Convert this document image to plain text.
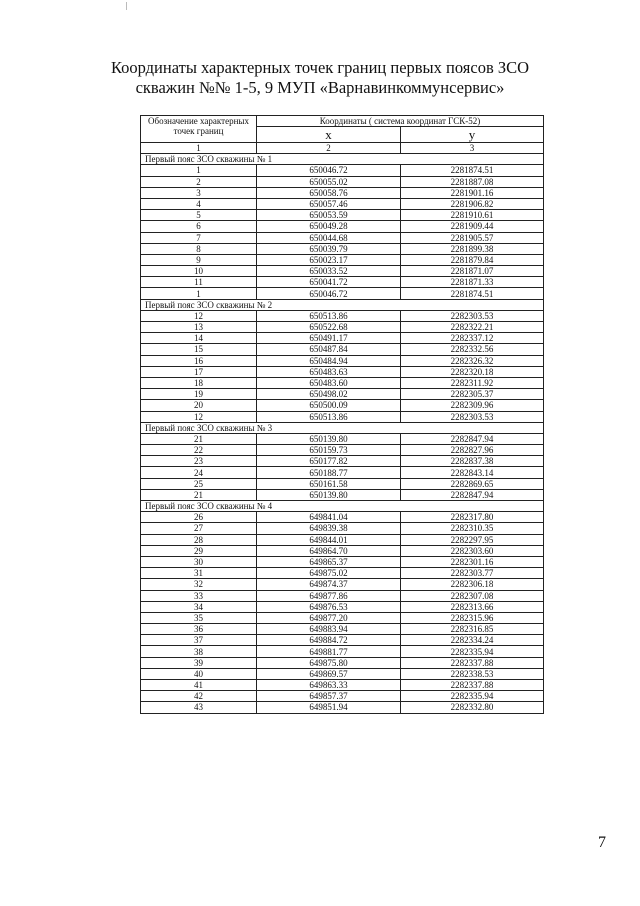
Координаты характерных точек границ первых поясов ЗСО
скважин №№ 1-5, 9 МУП «Варнавинкоммунсервис»
Обозначение характерных точек границ	Координаты ( система координат ГСК-52)	
	x	y
1	2	3
Первый пояс ЗСО скважины № 1		
1	650046.72	2281874.51
2	650055.02	2281887.08
3	650058.76	2281901.16
4	650057.46	2281906.82
5	650053.59	2281910.61
6	650049.28	2281909.44
7	650044.68	2281905.57
8	650039.79	2281899.38
9	650023.17	2281879.84
10	650033.52	2281871.07
11	650041.72	2281871.33
1	650046.72	2281874.51
Первый пояс ЗСО скважины № 2		
12	650513.86	2282303.53
13	650522.68	2282322.21
14	650491.17	2282337.12
15	650487.84	2282332.56
16	650484.94	2282326.32
17	650483.63	2282320.18
18	650483.60	2282311.92
19	650498.02	2282305.37
20	650500.09	2282309.96
12	650513.86	2282303.53
Первый пояс ЗСО скважины № 3		
21	650139.80	2282847.94
22	650159.73	2282827.96
23	650177.82	2282837.38
24	650188.77	2282843.14
25	650161.58	2282869.65
21	650139.80	2282847.94
Первый пояс ЗСО скважины № 4		
26	649841.04	2282317.80
27	649839.38	2282310.35
28	649844.01	2282297.95
29	649864.70	2282303.60
30	649865.37	2282301.16
31	649875.02	2282303.77
32	649874.37	2282306.18
33	649877.86	2282307.08
34	649876.53	2282313.66
35	649877.20	2282315.96
36	649883.94	2282316.85
37	649884.72	2282334.24
38	649881.77	2282335.94
39	649875.80	2282337.88
40	649869.57	2282338.53
41	649863.33	2282337.88
42	649857.37	2282335.94
43	649851.94	2282332.80
7
